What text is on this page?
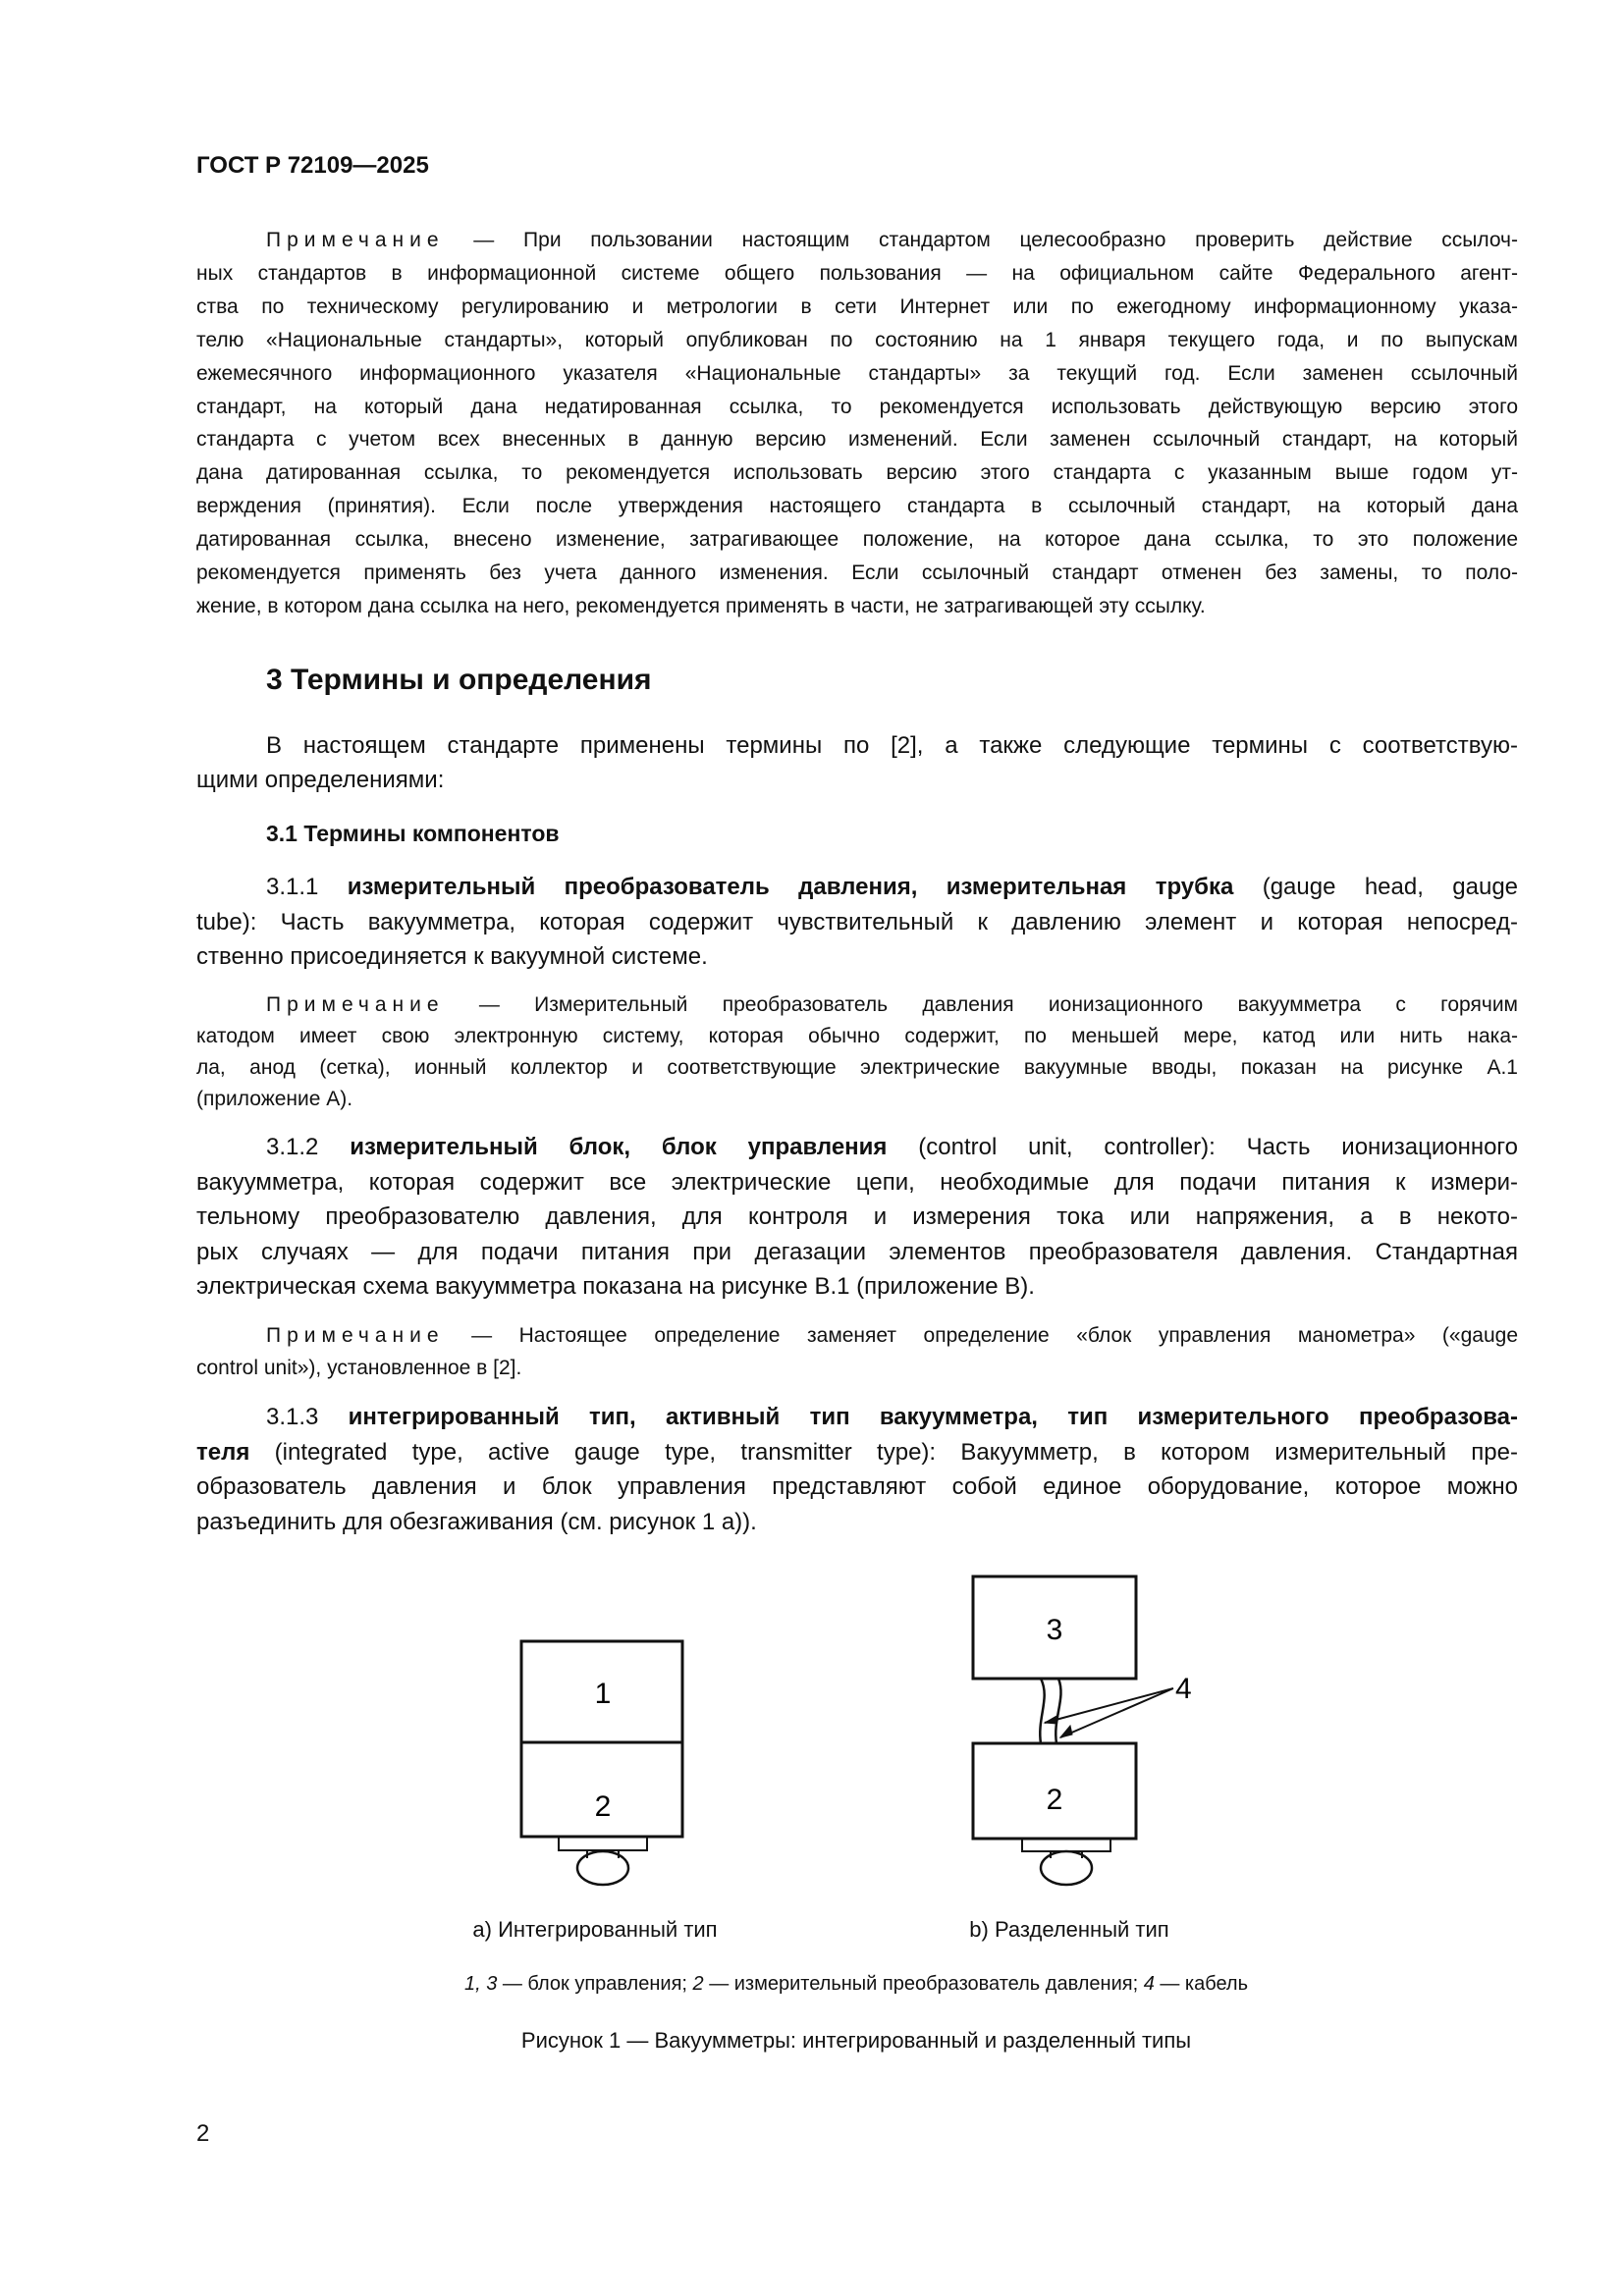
ГОСТ Р 72109—2025
Примечание — При пользовании настоящим стандартом целесообразно проверить действие ссылоч-
ных стандартов в информационной системе общего пользования — на официальном сайте Федерального агент-
ства по техническому регулированию и метрологии в сети Интернет или по ежегодному информационному указа-
телю «Национальные стандарты», который опубликован по состоянию на 1 января текущего года, и по выпускам
ежемесячного информационного указателя «Национальные стандарты» за текущий год. Если заменен ссылочный
стандарт, на который дана недатированная ссылка, то рекомендуется использовать действующую версию этого
стандарта с учетом всех внесенных в данную версию изменений. Если заменен ссылочный стандарт, на который
дана датированная ссылка, то рекомендуется использовать версию этого стандарта с указанным выше годом ут-
верждения (принятия). Если после утверждения настоящего стандарта в ссылочный стандарт, на который дана
датированная ссылка, внесено изменение, затрагивающее положение, на которое дана ссылка, то это положение
рекомендуется применять без учета данного изменения. Если ссылочный стандарт отменен без замены, то поло-
жение, в котором дана ссылка на него, рекомендуется применять в части, не затрагивающей эту ссылку.
В настоящем стандарте применены термины по [2], а также следующие термины с соответствую-
щими определениями:
3.1.1 измерительный преобразователь давления, измерительная трубка (gauge head, gauge
tube): Часть вакуумметра, которая содержит чувствительный к давлению элемент и которая непосред-
ственно присоединяется к вакуумной системе.
Примечание — Измерительный преобразователь давления ионизационного вакуумметра с горячим
катодом имеет свою электронную систему, которая обычно содержит, по меньшей мере, катод или нить нака-
ла, анод (сетка), ионный коллектор и соответствующие электрические вакуумные вводы, показан на рисунке А.1
(приложение А).
3.1.2 измерительный блок, блок управления (control unit, controller): Часть ионизационного
вакуумметра, которая содержит все электрические цепи, необходимые для подачи питания к измери-
тельному преобразователю давления, для контроля и измерения тока или напряжения, а в некото-
рых случаях — для подачи питания при дегазации элементов преобразователя давления. Стандартная
электрическая схема вакуумметра показана на рисунке В.1 (приложение В).
Примечание — Настоящее определение заменяет определение «блок управления манометра» («gauge
control unit»), установленное в [2].
3.1.3 интегрированный тип, активный тип вакуумметра, тип измерительного преобразова-
теля (integrated type, active gauge type, transmitter type): Вакуумметр, в котором измерительный пре-
образователь давления и блок управления представляют собой единое оборудование, которое можно
разъединить для обезгаживания (см. рисунок 1 а)).
3 Термины и определения
3.1 Термины компонентов
1
2
3
2
4
а) Интегрированный тип	b) Разделенный тип
1, 3 — блок управления; 2 — измерительный преобразователь давления; 4 — кабель
Рисунок 1 — Вакуумметры: интегрированный и разделенный типы
2
